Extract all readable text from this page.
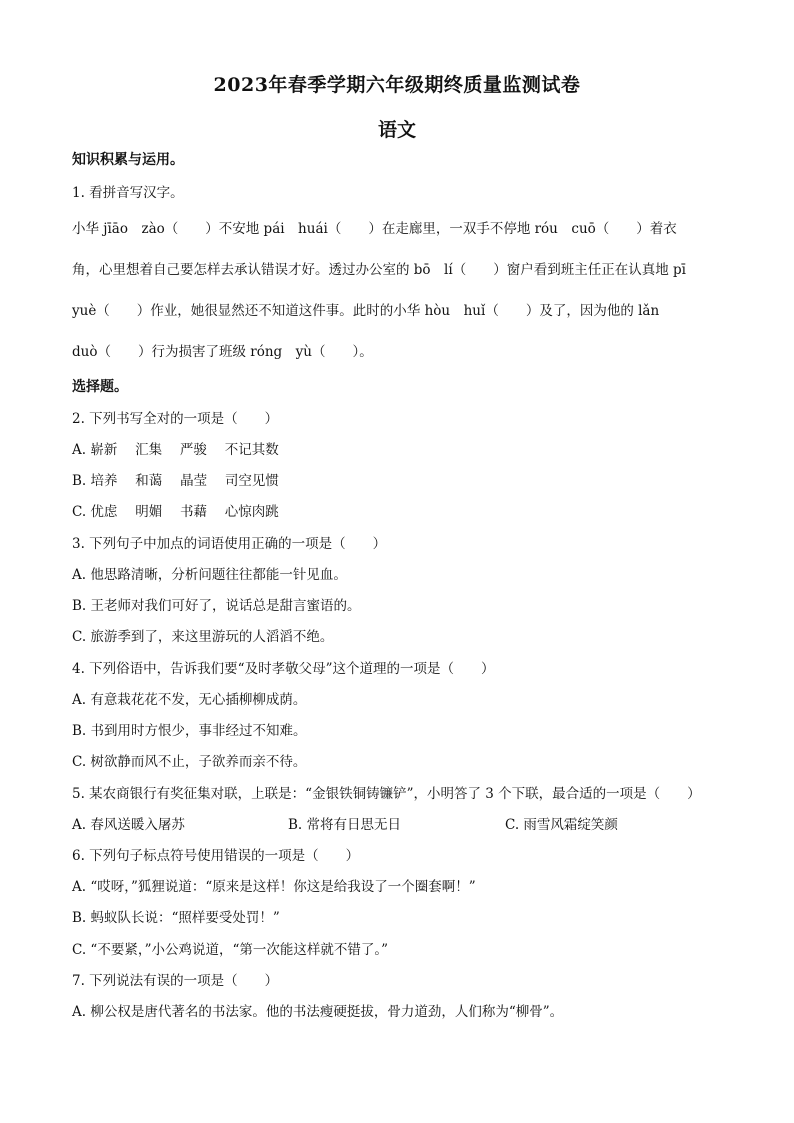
2023年春季学期六年级期终质量监测试卷
语文
知识积累与运用。
1. 看拼音写汉字。
小华 jīāo　zào（　　）不安地 pái　huái（　　）在走廊里，一双手不停地 róu　cuō（　　）着衣
角，心里想着自己要怎样去承认错误才好。透过办公室的 bō　lí（　　）窗户看到班主任正在认真地 pī
yuè（　　）作业，她很显然还不知道这件事。此时的小华 hòu　huǐ（　　）及了，因为他的 lǎn
duò（　　）行为损害了班级 róng　yù（　　）。
选择题。
2. 下列书写全对的一项是（　　）
A. 崭新　 汇集　 严骏　 不记其数
B. 培养　 和蔼　 晶莹　 司空见惯
C. 优虑　 明媚　 书藉　 心惊肉跳
3. 下列句子中加点的词语使用正确的一项是（　　）
A. 他思路清晰，分析问题往往都能一针见血。
B. 王老师对我们可好了，说话总是甜言蜜语的。
C. 旅游季到了，来这里游玩的人滔滔不绝。
4. 下列俗语中，告诉我们要“及时孝敬父母”这个道理的一项是（　　）
A. 有意栽花花不发，无心插柳柳成荫。
B. 书到用时方恨少，事非经过不知难。
C. 树欲静而风不止，子欲养而亲不待。
5. 某农商银行有奖征集对联，上联是：“金银铁铜铸镰铲”，小明答了 3 个下联，最合适的一项是（　　）
A. 春风送暖入屠苏	B. 常将有日思无日	C. 雨雪风霜绽笑颜
6. 下列句子标点符号使用错误的一项是（　　）
A. “哎呀，”狐狸说道：“原来是这样！你这是给我设了一个圈套啊！”
B. 蚂蚁队长说：“照样要受处罚！”
C. “不要紧，”小公鸡说道，“第一次能这样就不错了。”
7. 下列说法有误的一项是（　　）
A. 柳公权是唐代著名的书法家。他的书法瘦硬挺拔，骨力道劲，人们称为“柳骨”。
